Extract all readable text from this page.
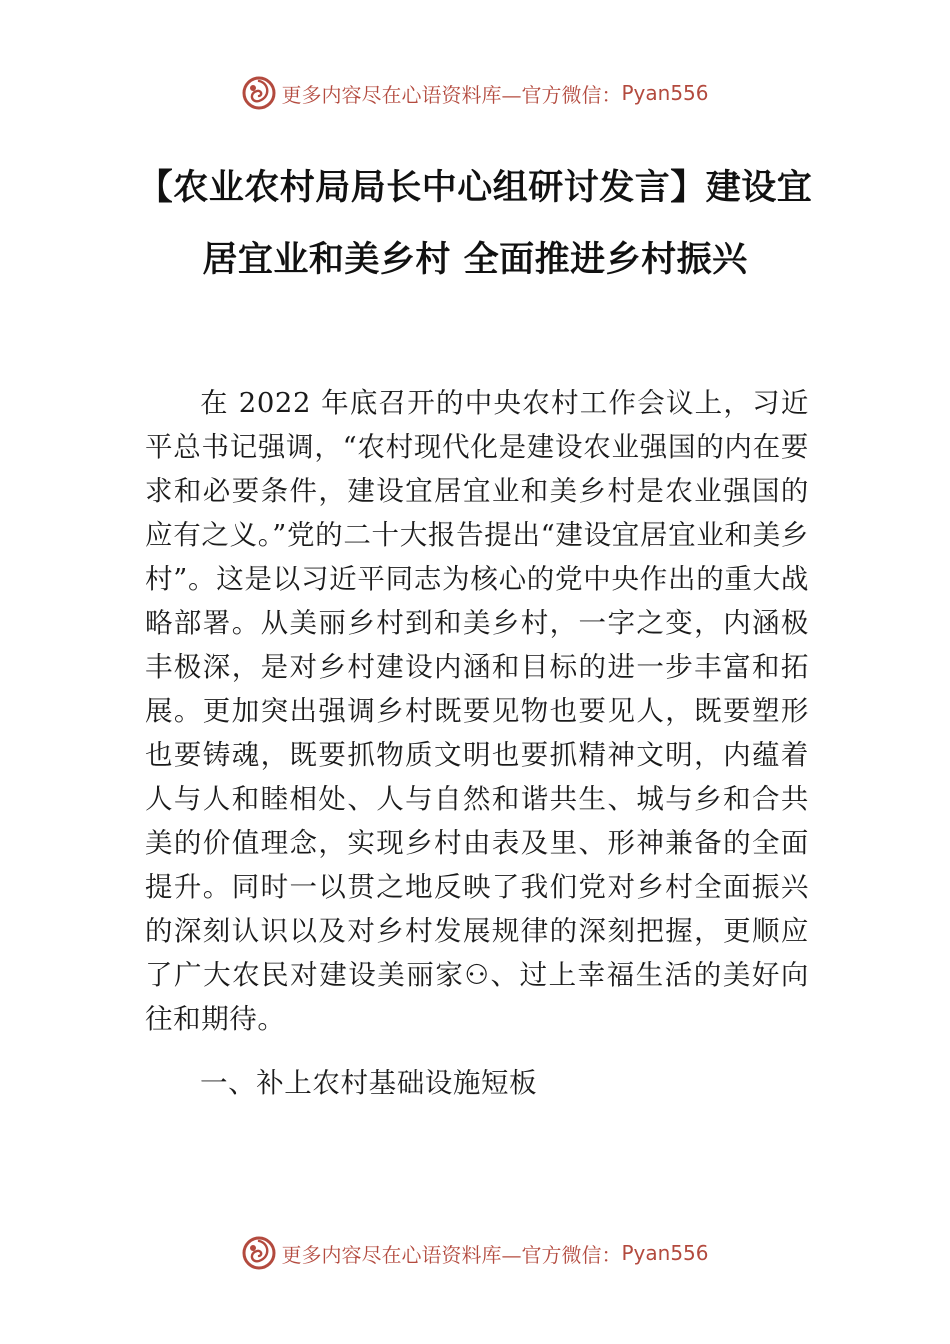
更多内容尽在心语资料库—官方微信： Pyan556
【农业农村局局长中心组研讨发言】建设宜居宜业和美乡村 全面推进乡村振兴

在 2022 年底召开的中央农村工作会议上，习近平总书记强调，“农村现代化是建设农业强国的内在要求和必要条件，建设宜居宜业和美乡村是农业强国的应有之义。”党的二十大报告提出“建设宜居宜业和美乡村”。这是以习近平同志为核心的党中央作出的重大战略部署。从美丽乡村到和美乡村，一字之变，内涵极丰极深，是对乡村建设内涵和目标的进一步丰富和拓展。更加突出强调乡村既要见物也要见人，既要塑形也要铸魂，既要抓物质文明也要抓精神文明，内蕴着人与人和睦相处、人与自然和谐共生、城与乡和合共美的价值理念，实现乡村由表及里、形神兼备的全面提升。同时一以贯之地反映了我们党对乡村全面振兴的深刻认识以及对乡村发展规律的深刻把握，更顺应了广大农民对建设美丽家⚇、过上幸福生活的美好向往和期待。

一、补上农村基础设施短板

更多内容尽在心语资料库—官方微信： Pyan556
